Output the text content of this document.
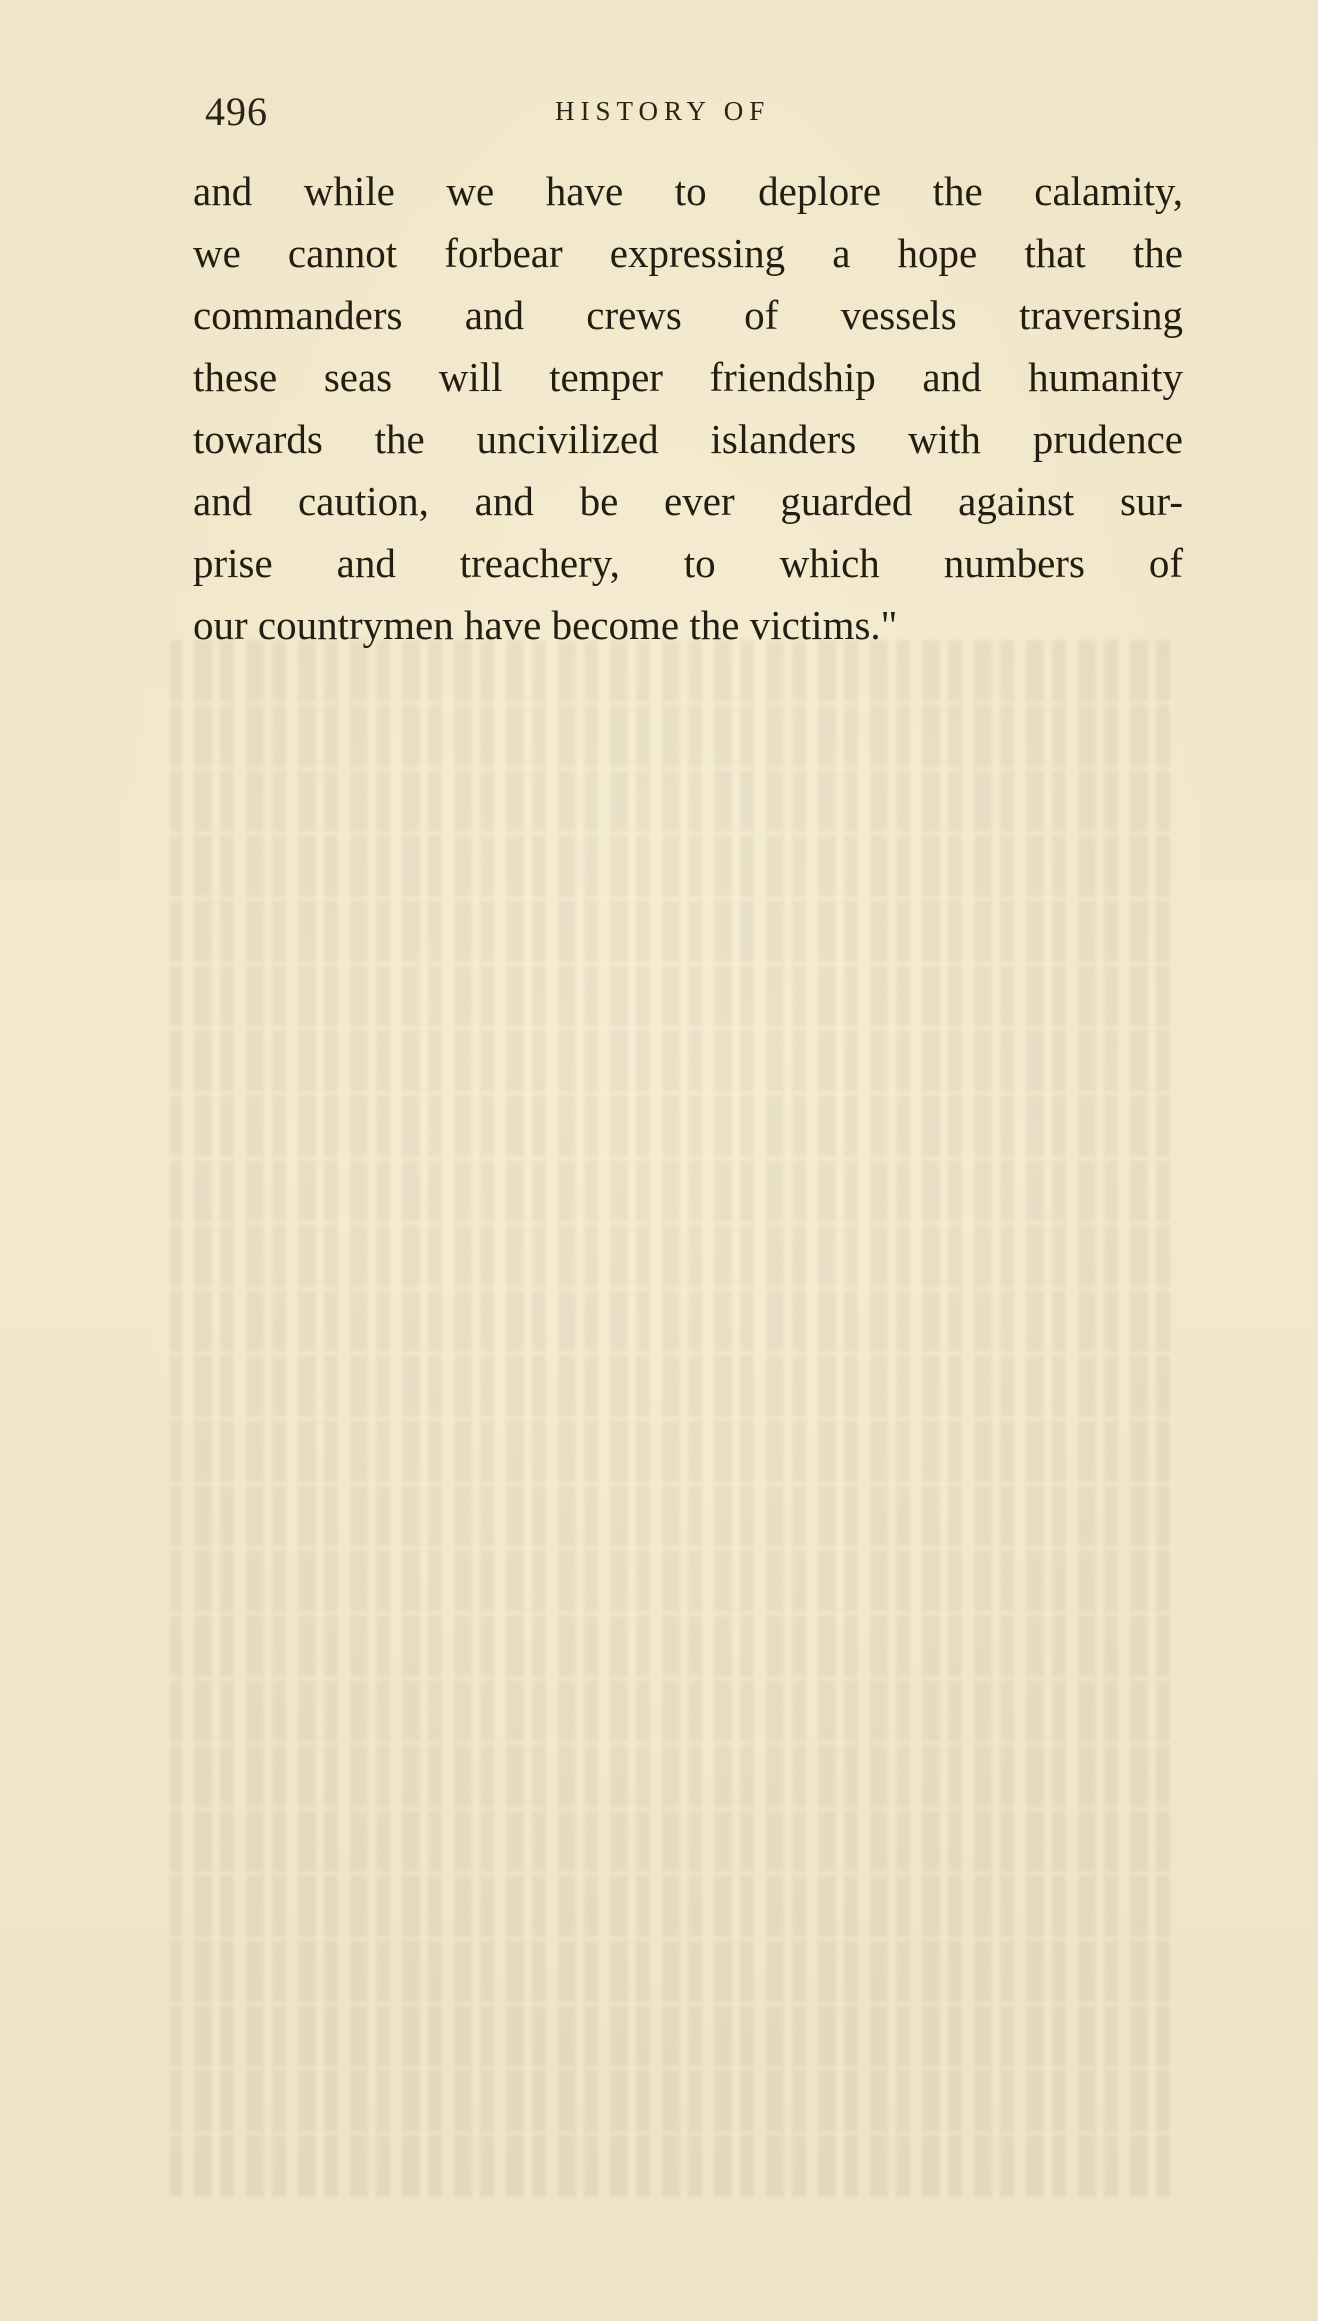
496	HISTORY OF
and while we have to deplore the calamity,
we cannot forbear expressing a hope that the
commanders and crews of vessels traversing
these seas will temper friendship and humanity
towards the uncivilized islanders with prudence
and caution, and be ever guarded against sur-
prise and treachery, to which numbers of
our countrymen have become the victims."
